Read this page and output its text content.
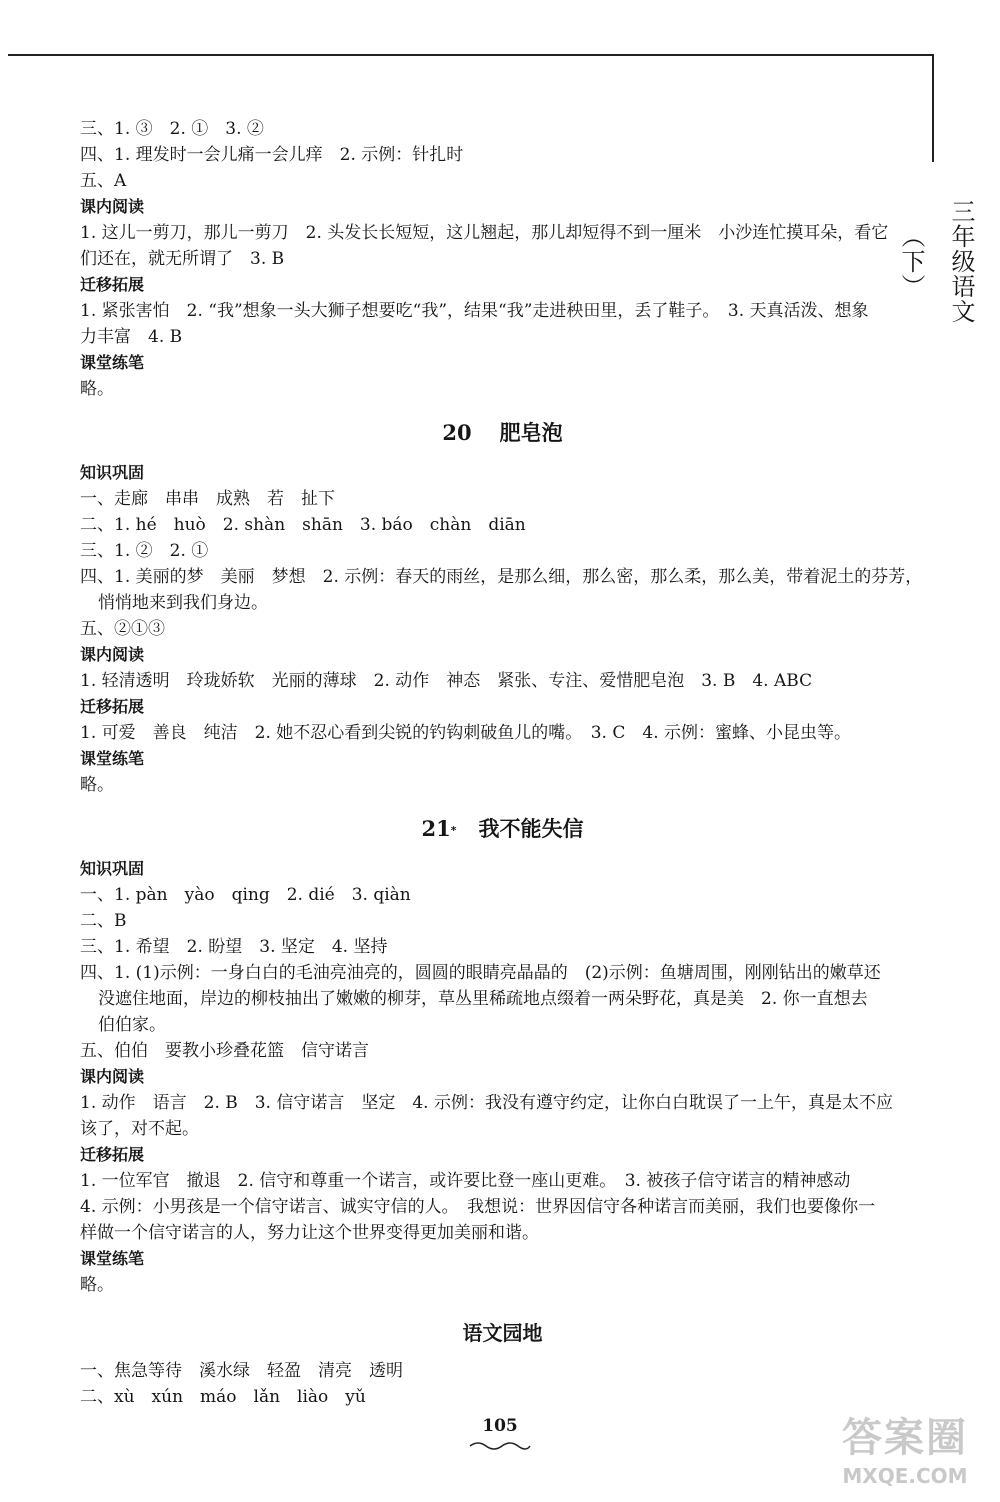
三年级语文（下）
三、1. ③　2. ①　3. ②
四、1. 理发时一会儿痛一会儿痒　2. 示例：针扎时
五、A
课内阅读
1. 这儿一剪刀，那儿一剪刀　2. 头发长长短短，这儿翘起，那儿却短得不到一厘米　小沙连忙摸耳朵，看它
们还在，就无所谓了　3. B
迁移拓展
1. 紧张害怕　2. “我”想象一头大狮子想要吃“我”，结果“我”走进秧田里，丢了鞋子。　3. 天真活泼、想象
力丰富　4. B
课堂练笔
略。
20 肥皂泡
知识巩固
一、走廊　串串　成熟　若　扯下
二、1. hé　huò　2. shàn　shān　3. báo　chàn　diān
三、1. ②　2. ①
四、1. 美丽的梦　美丽　梦想　2. 示例：春天的雨丝，是那么细，那么密，那么柔，那么美，带着泥土的芬芳，
悄悄地来到我们身边。
五、②①③
课内阅读
1. 轻清透明　玲珑娇软　光丽的薄球　2. 动作　神态　紧张、专注、爱惜肥皂泡　3. B　4. ABC
迁移拓展
1. 可爱　善良　纯洁　2. 她不忍心看到尖锐的钓钩刺破鱼儿的嘴。　3. C　4. 示例：蜜蜂、小昆虫等。
课堂练笔
略。
21* 我不能失信
知识巩固
一、1. pàn　yào　qing　2. dié　3. qiàn
二、B
三、1. 希望　2. 盼望　3. 坚定　4. 坚持
四、1. (1)示例：一身白白的毛油亮油亮的，圆圆的眼睛亮晶晶的　(2)示例：鱼塘周围，刚刚钻出的嫩草还
没遮住地面，岸边的柳枝抽出了嫩嫩的柳芽，草丛里稀疏地点缀着一两朵野花，真是美　2. 你一直想去
伯伯家。
五、伯伯　要教小珍叠花篮　信守诺言
课内阅读
1. 动作　语言　2. B　3. 信守诺言　坚定　4. 示例：我没有遵守约定，让你白白耽误了一上午，真是太不应
该了，对不起。
迁移拓展
1. 一位军官　撤退　2. 信守和尊重一个诺言，或许要比登一座山更难。　3. 被孩子信守诺言的精神感动
4. 示例：小男孩是一个信守诺言、诚实守信的人。　我想说：世界因信守各种诺言而美丽，我们也要像你一
样做一个信守诺言的人，努力让这个世界变得更加美丽和谐。
课堂练笔
略。
语文园地
一、焦急等待　溪水绿　轻盈　清亮　透明
二、xù　xún　máo　lǎn　liào　yǔ
105	答案圈
MXQE.COM
